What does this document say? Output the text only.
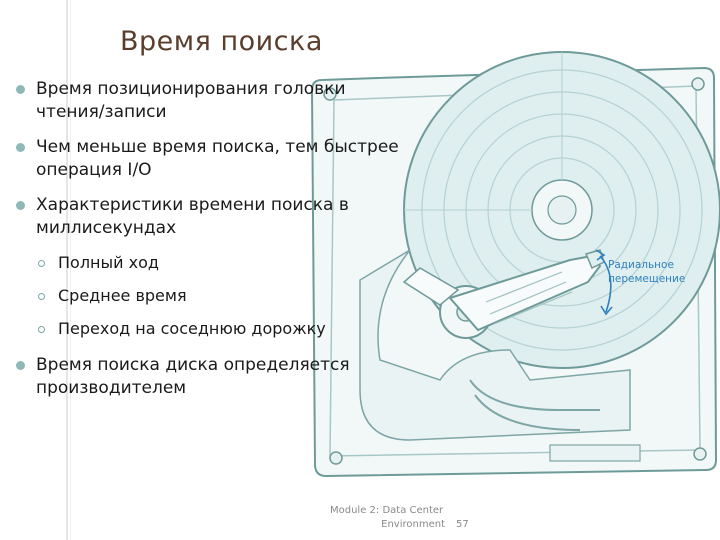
Время поиска
Радиальное перемещение
Время позиционирования головки чтения/записи
Чем меньше время поиска, тем быстрее операция I/O
Характеристики времени поиска в миллисекундах
Полный ход
Среднее время
Переход на соседнюю дорожку
Время поиска диска определяется производителем
Module 2: Data Center
Environment 57
